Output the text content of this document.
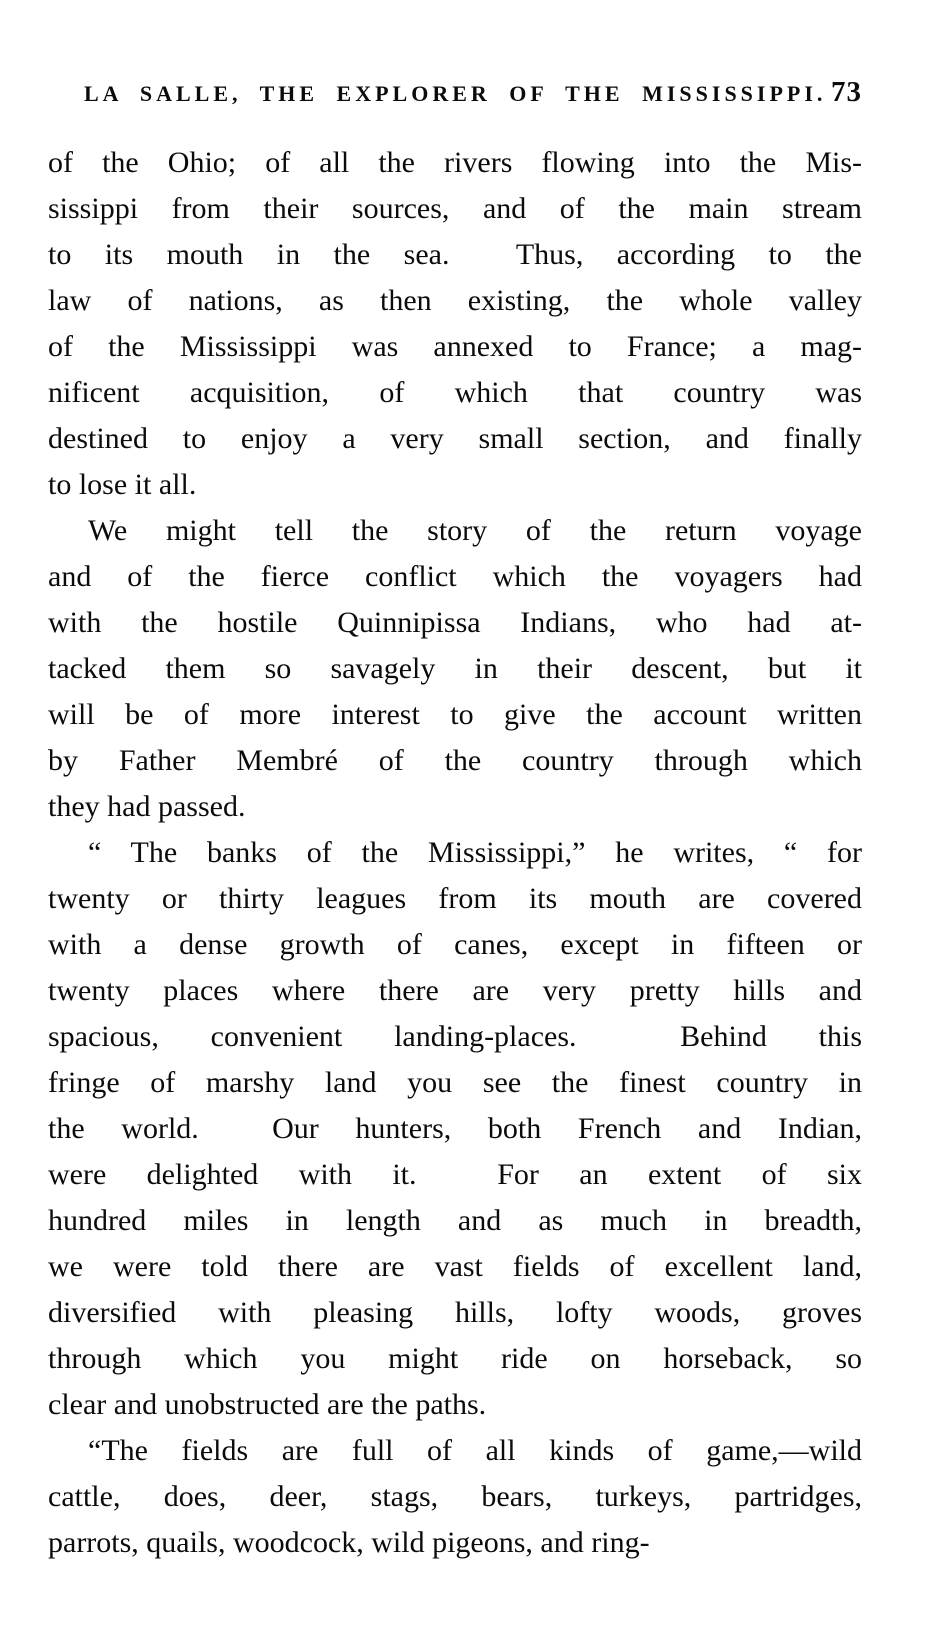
LA SALLE, THE EXPLORER OF THE MISSISSIPPI. 73
of the Ohio; of all the rivers flowing into the Mis-
sissippi from their sources, and of the main stream
to its mouth in the sea.  Thus, according to the
law of nations, as then existing, the whole valley
of the Mississippi was annexed to France; a mag-
nificent acquisition, of which that country was
destined to enjoy a very small section, and finally
to lose it all.
We might tell the story of the return voyage
and of the fierce conflict which the voyagers had
with the hostile Quinnipissa Indians, who had at-
tacked them so savagely in their descent, but it
will be of more interest to give the account written
by Father Membré of the country through which
they had passed.
“ The banks of the Mississippi,” he writes, “ for
twenty or thirty leagues from its mouth are covered
with a dense growth of canes, except in fifteen or
twenty places where there are very pretty hills and
spacious, convenient landing-places.  Behind this
fringe of marshy land you see the finest country in
the world.  Our hunters, both French and Indian,
were delighted with it.  For an extent of six
hundred miles in length and as much in breadth,
we were told there are vast fields of excellent land,
diversified with pleasing hills, lofty woods, groves
through which you might ride on horseback, so
clear and unobstructed are the paths.
“The fields are full of all kinds of game,—wild
cattle, does, deer, stags, bears, turkeys, partridges,
parrots, quails, woodcock, wild pigeons, and ring-
